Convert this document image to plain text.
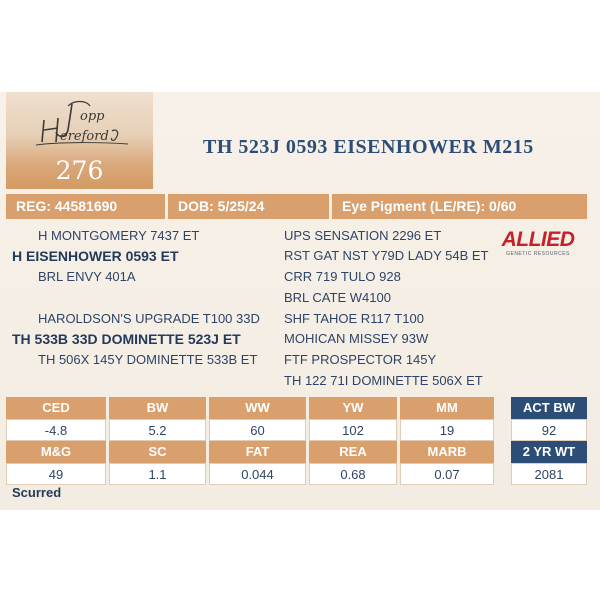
opp
ereford
276
TH 523J 0593 EISENHOWER M215
REG: 44581690	DOB: 5/25/24	Eye Pigment (LE/RE): 0/60
H MONTGOMERY 7437 ET
H EISENHOWER 0593 ET
BRL ENVY 401A
HAROLDSON'S UPGRADE T100 33D
TH 533B 33D DOMINETTE 523J ET
TH 506X 145Y DOMINETTE 533B ET
UPS SENSATION 2296 ET
RST GAT NST Y79D LADY 54B ET
CRR 719 TULO 928
BRL CATE W4100
SHF TAHOE R117 T100
MOHICAN MISSEY 93W
FTF PROSPECTOR 145Y
TH 122 71I DOMINETTE 506X ET
ALLIED
GENETIC RESOURCES
CED	BW	WW	YW	MM
-4.8	5.2	60	102	19
M&G	SC	FAT	REA	MARB
49	1.1	0.044	0.68	0.07
ACT BW
92
2 YR WT
2081
Scurred
